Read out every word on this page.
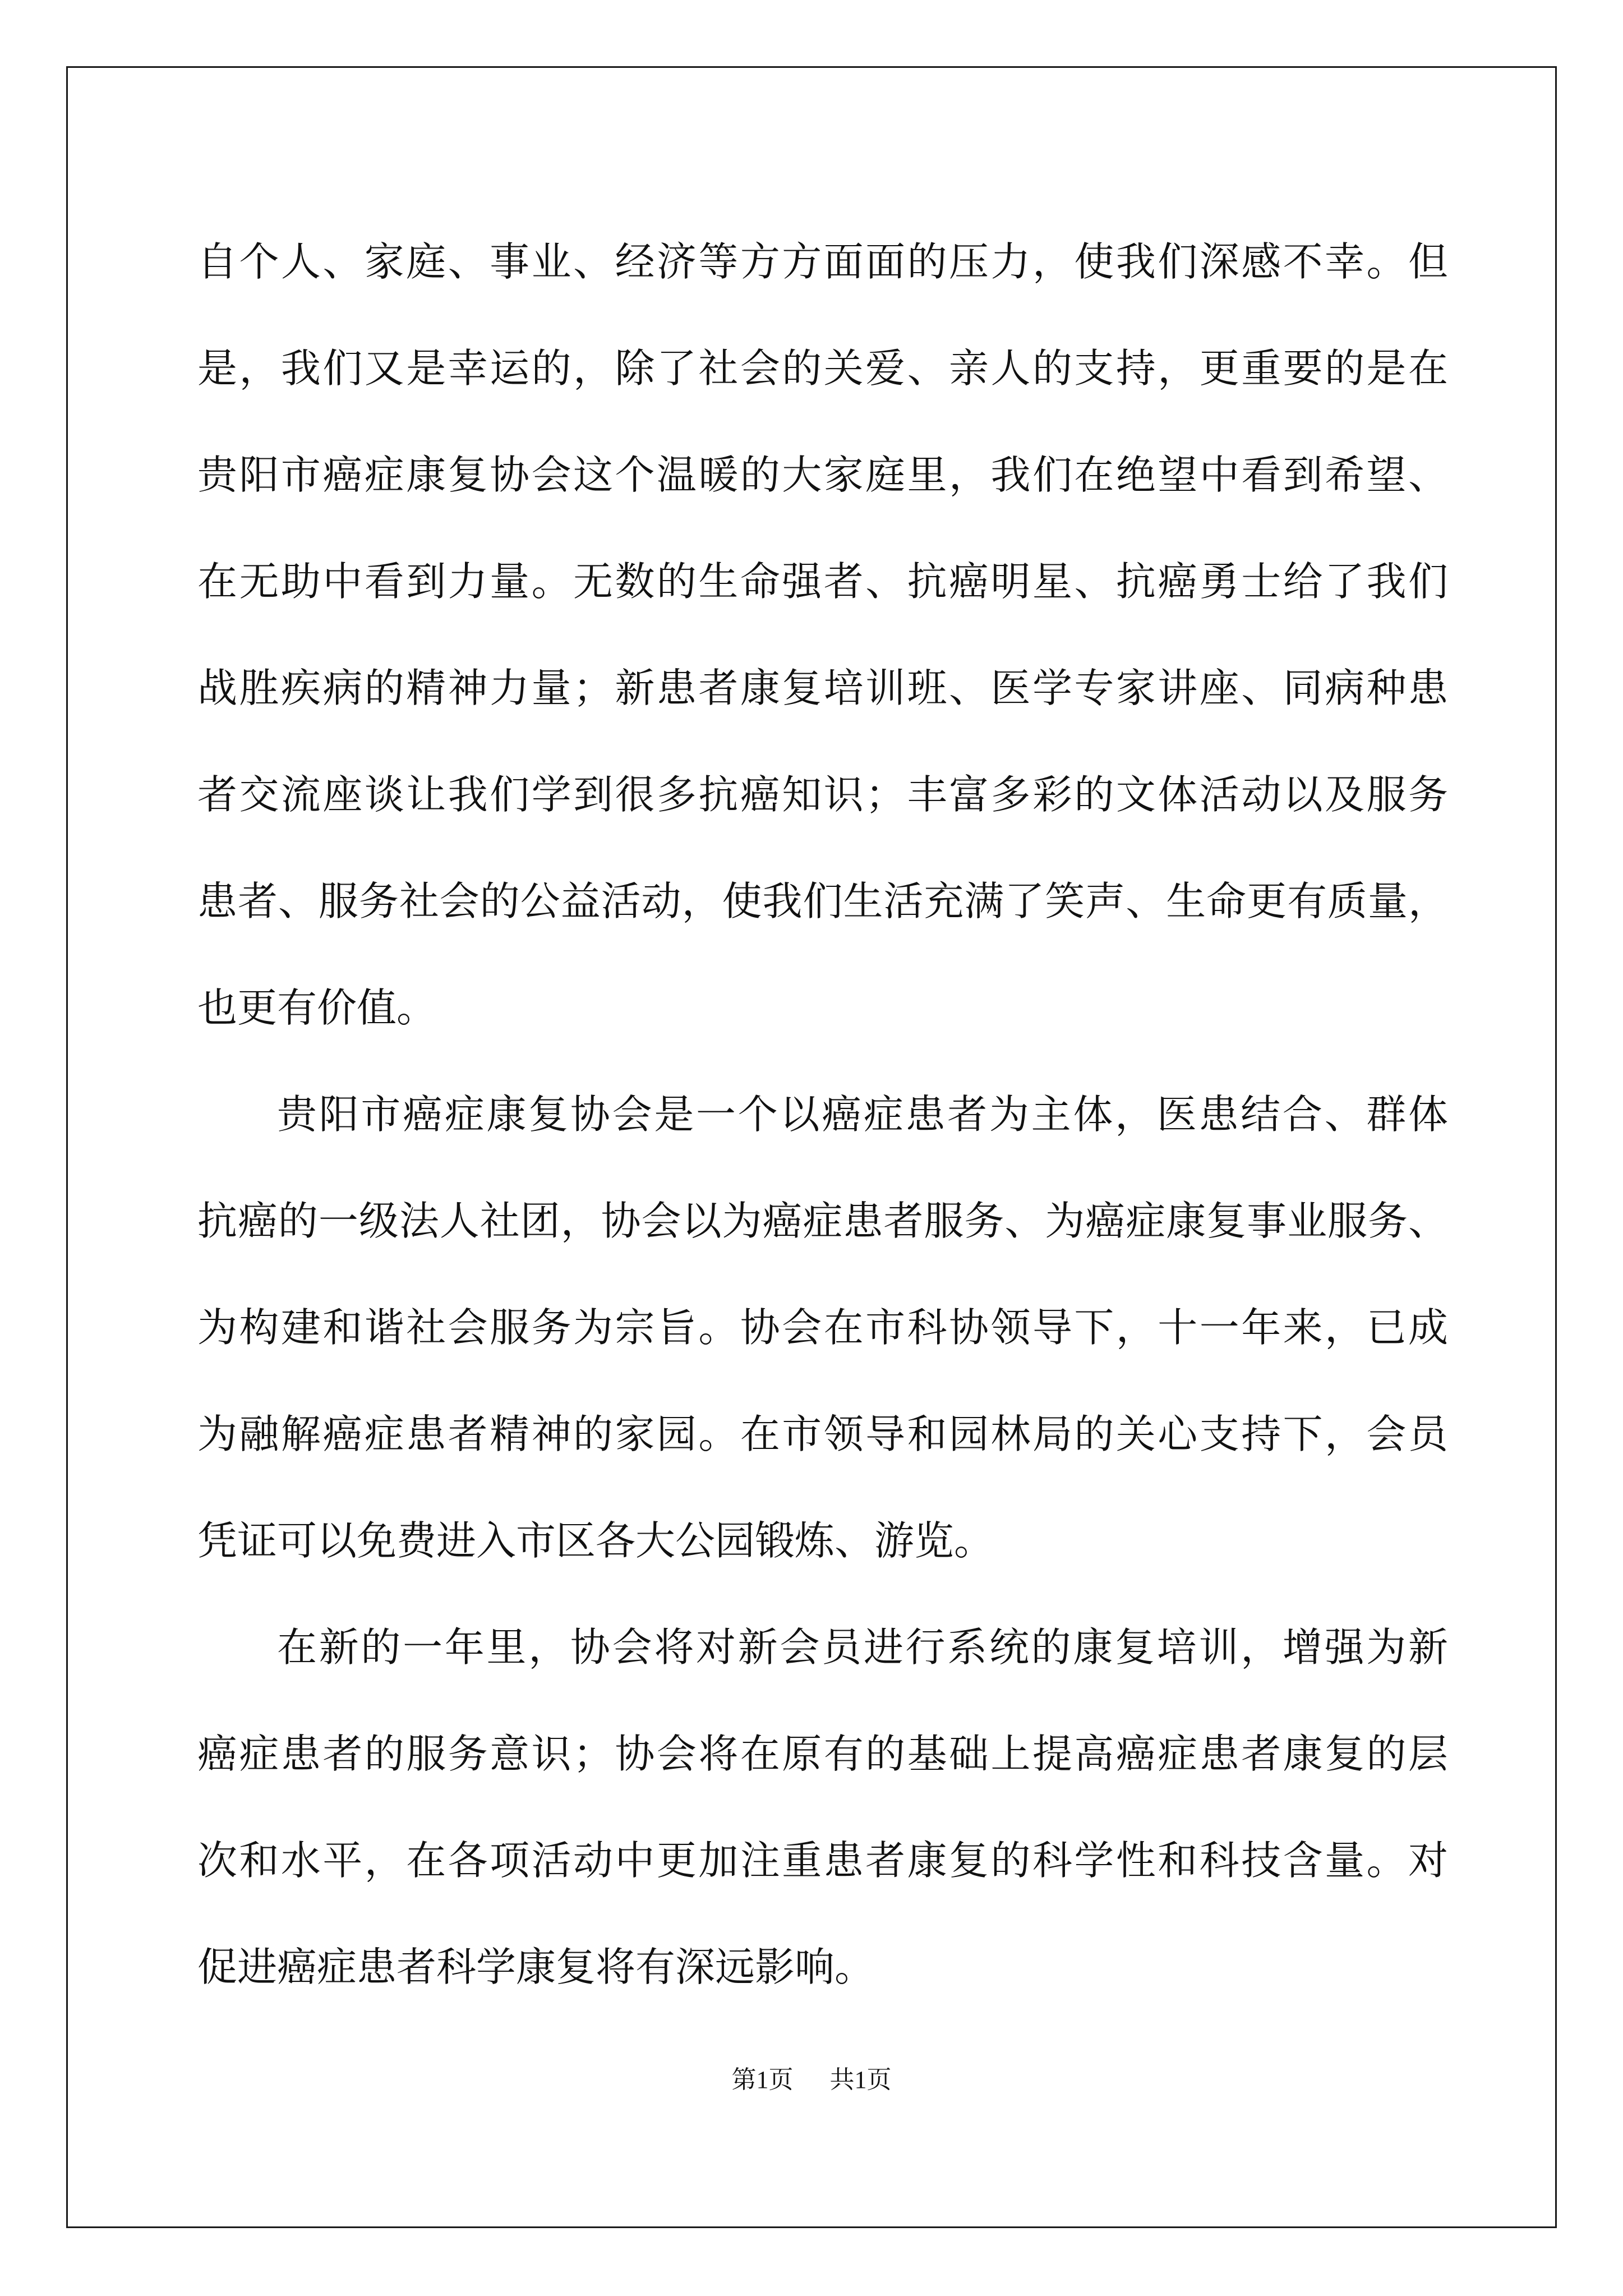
自个人、家庭、事业、经济等方方面面的压力，使我们深感不幸。但
是，我们又是幸运的，除了社会的关爱、亲人的支持，更重要的是在
贵阳市癌症康复协会这个温暖的大家庭里，我们在绝望中看到希望、
在无助中看到力量。无数的生命强者、抗癌明星、抗癌勇士给了我们
战胜疾病的精神力量；新患者康复培训班、医学专家讲座、同病种患
者交流座谈让我们学到很多抗癌知识；丰富多彩的文体活动以及服务
患者、服务社会的公益活动，使我们生活充满了笑声、生命更有质量，
也更有价值。
贵阳市癌症康复协会是一个以癌症患者为主体，医患结合、群体
抗癌的一级法人社团，协会以为癌症患者服务、为癌症康复事业服务、
为构建和谐社会服务为宗旨。协会在市科协领导下，十一年来，已成
为融解癌症患者精神的家园。在市领导和园林局的关心支持下，会员
凭证可以免费进入市区各大公园锻炼、游览。
在新的一年里，协会将对新会员进行系统的康复培训，增强为新
癌症患者的服务意识；协会将在原有的基础上提高癌症患者康复的层
次和水平，在各项活动中更加注重患者康复的科学性和科技含量。对
促进癌症患者科学康复将有深远影响。
第1页 共1页
